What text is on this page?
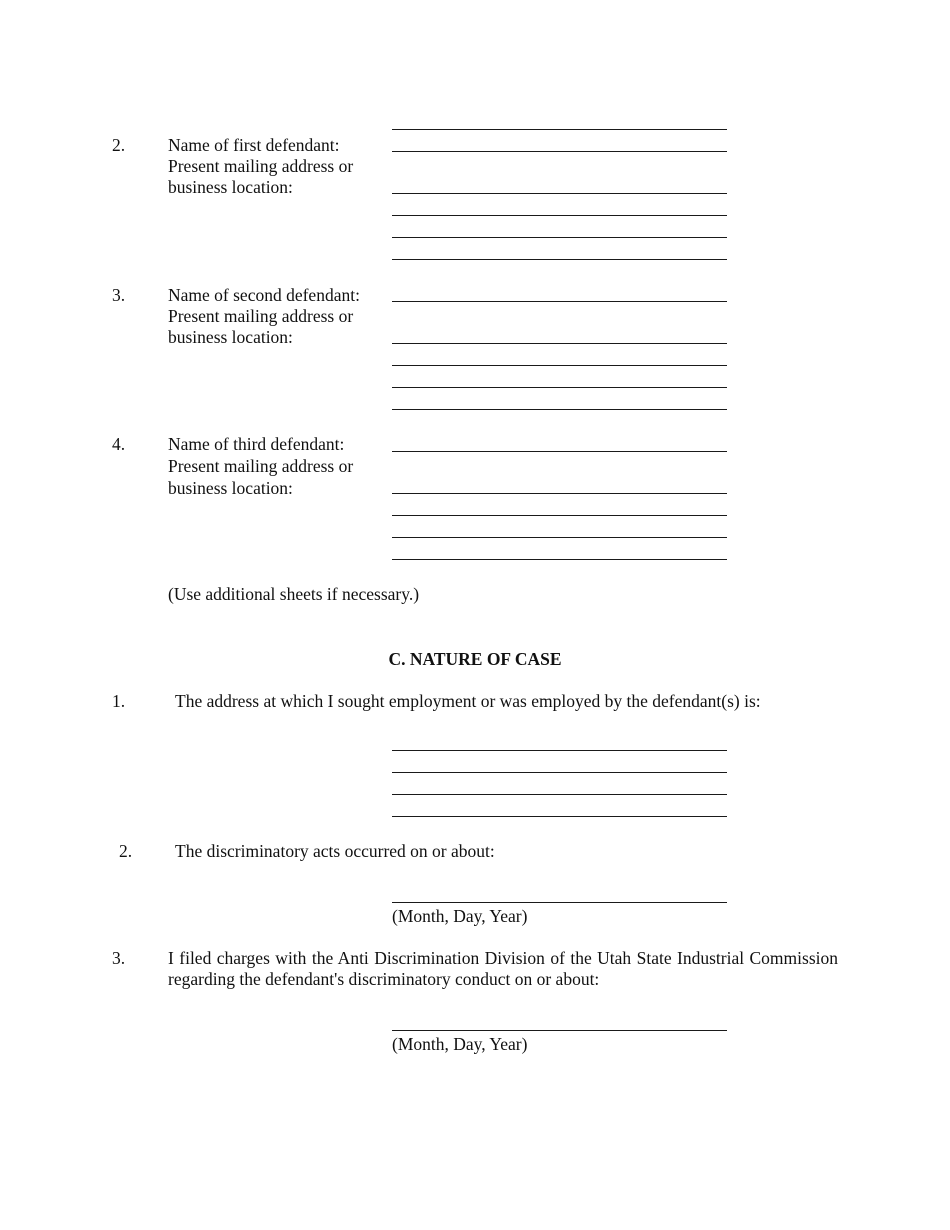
2. Name of first defendant:
Present mailing address or
business location:
3. Name of second defendant:
Present mailing address or
business location:
4. Name of third defendant:
Present mailing address or
business location:
(Use additional sheets if necessary.)
C. NATURE OF CASE
1.	The address at which I sought employment or was employed by the defendant(s) is:
2. The discriminatory acts occurred on or about:
(Month, Day, Year)
3. I filed charges with the Anti Discrimination Division of the Utah State Industrial Commission regarding the defendant's discriminatory conduct on or about:
(Month, Day, Year)
